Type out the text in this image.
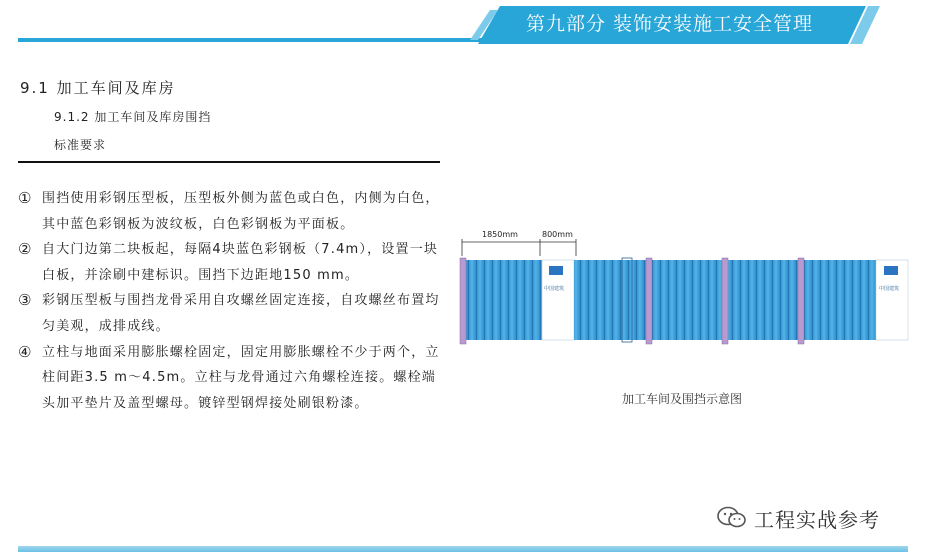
第九部分 装饰安装施工安全管理
9.1 加工车间及库房
9.1.2 加工车间及库房围挡
标准要求
① 围挡使用彩钢压型板，压型板外侧为蓝色或白色，内侧为白色，其中蓝色彩钢板为波纹板，白色彩钢板为平面板。
② 自大门边第二块板起，每隔4块蓝色彩钢板（7.4m），设置一块白板，并涂刷中建标识。围挡下边距地150 mm。
③ 彩钢压型板与围挡龙骨采用自攻螺丝固定连接，自攻螺丝布置均匀美观，成排成线。
④ 立柱与地面采用膨胀螺栓固定，固定用膨胀螺栓不少于两个，立柱间距3.5 m～4.5m。立柱与龙骨通过六角螺栓连接。螺栓端头加平垫片及盖型螺母。镀锌型钢焊接处刷银粉漆。
1850mm	800mm
中国建筑	中国建筑
加工车间及围挡示意图
工程实战参考
